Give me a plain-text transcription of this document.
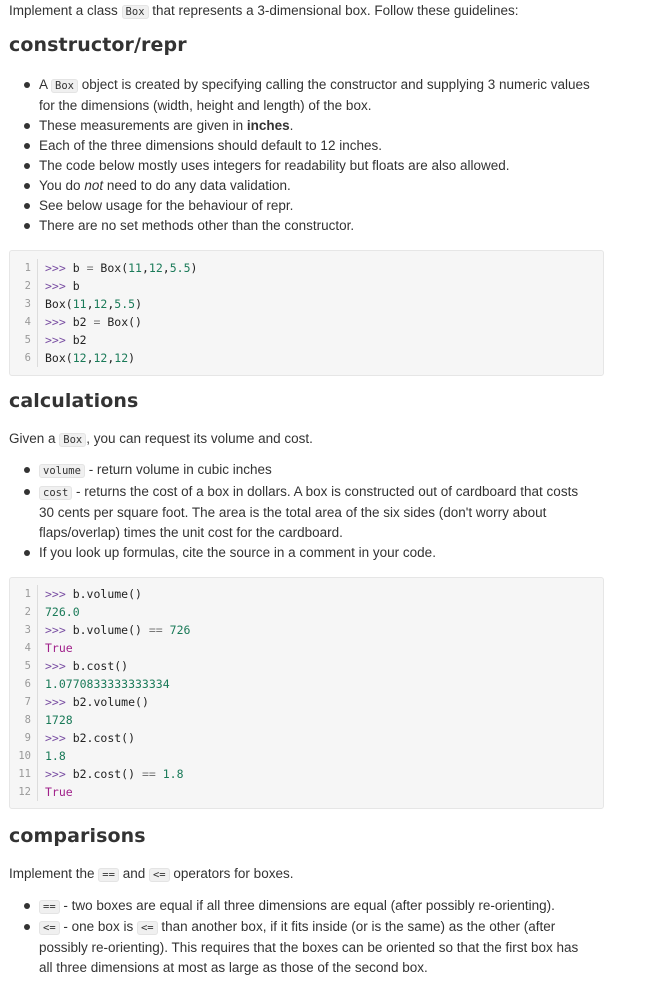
Implement a class Box that represents a 3-dimensional box. Follow these guidelines:

constructor/repr
A Box object is created by specifying calling the constructor and supplying 3 numeric values
for the dimensions (width, height and length) of the box.
These measurements are given in inches.
Each of the three dimensions should default to 12 inches.
The code below mostly uses integers for readability but floats are also allowed.
You do not need to do any data validation.
See below usage for the behaviour of repr.
There are no set methods other than the constructor.
1	>>> b = Box(11,12,5.5)
2	>>> b
3	Box(11,12,5.5)
4	>>> b2 = Box()
5	>>> b2
6	Box(12,12,12)
calculations

Given a Box , you can request its volume and cost.

volume - return volume in cubic inches
cost - returns the cost of a box in dollars. A box is constructed out of cardboard that costs
30 cents per square foot. The area is the total area of the six sides (don't worry about
flaps/overlap) times the unit cost for the cardboard.
If you look up formulas, cite the source in a comment in your code.
1	>>> b.volume()
2	726.0
3	>>> b.volume() == 726
4	True
5	>>> b.cost()
6	1.0770833333333334
7	>>> b2.volume()
8	1728
9	>>> b2.cost()
10	1.8
11	>>> b2.cost() == 1.8
12	True
comparisons

Implement the == and <= operators for boxes.

== - two boxes are equal if all three dimensions are equal (after possibly re-orienting).
<= - one box is <= than another box, if it fits inside (or is the same) as the other (after
possibly re-orienting). This requires that the boxes can be oriented so that the first box has
all three dimensions at most as large as those of the second box.
